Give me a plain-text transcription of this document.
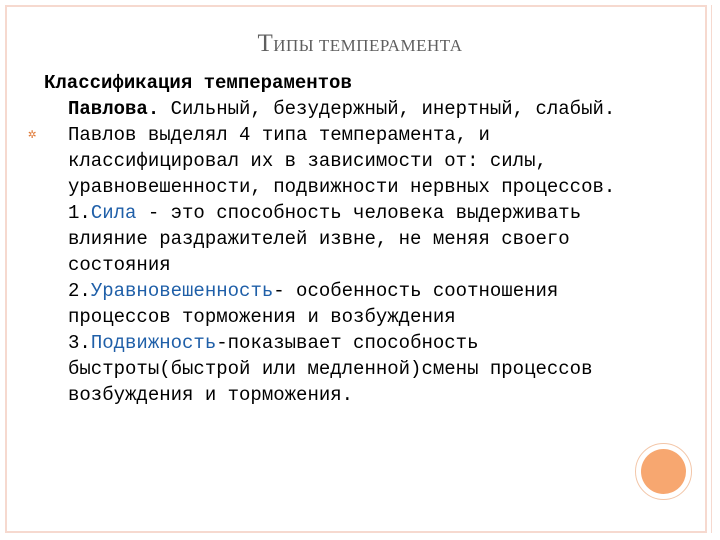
ТИПЫ ТЕМПЕРАМЕНТА

Классификация темпераментов
Павлова. Сильный, безудержный, инертный, слабый.

✲ Павлов выделял 4 типа темперамента, и классифицировал их в зависимости от: силы, уравновешенности, подвижности нервных процессов.
1.Сила - это способность человека выдерживать влияние раздражителей извне, не меняя своего состояния
2.Уравновешенность- особенность соотношения процессов торможения и возбуждения
3.Подвижность-показывает способность быстроты(быстрой или медленной)смены процессов возбуждения и торможения.
